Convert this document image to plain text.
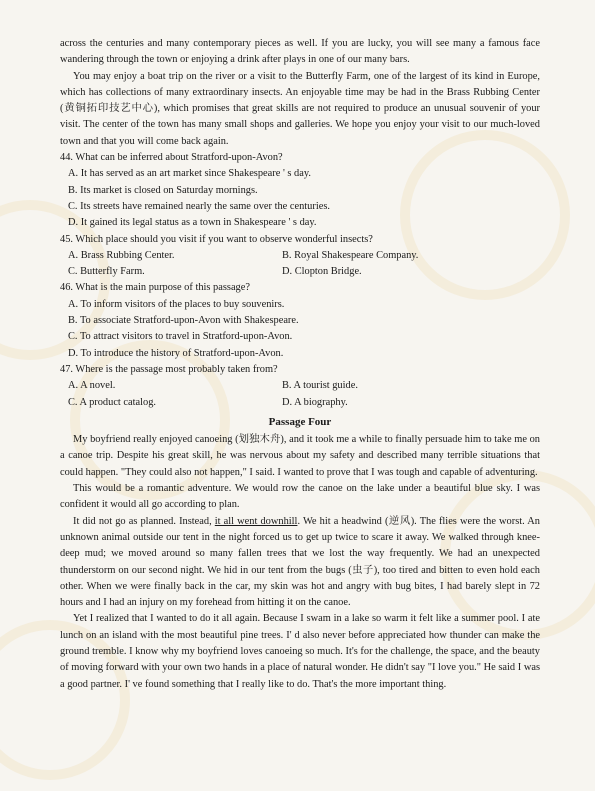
across the centuries and many contemporary pieces as well. If you are lucky, you will see many a famous face wandering through the town or enjoying a drink after plays in one of our many bars.

You may enjoy a boat trip on the river or a visit to the Butterfly Farm, one of the largest of its kind in Europe, which has collections of many extraordinary insects. An enjoyable time may be had in the Brass Rubbing Center (黄铜拓印技艺中心), which promises that great skills are not required to produce an unusual souvenir of your visit. The center of the town has many small shops and galleries. We hope you enjoy your visit to our much-loved town and that you will come back again.

44. What can be inferred about Stratford-upon-Avon?

A. It has served as an art market since Shakespeare ' s day.
B. Its market is closed on Saturday mornings.
C. Its streets have remained nearly the same over the centuries.
D. It gained its legal status as a town in Shakespeare ' s day.

45. Which place should you visit if you want to observe wonderful insects?

A. Brass Rubbing Center.	B. Royal Shakespeare Company.
C. Butterfly Farm.	D. Clopton Bridge.

46. What is the main purpose of this passage?

A. To inform visitors of the places to buy souvenirs.
B. To associate Stratford-upon-Avon with Shakespeare.
C. To attract visitors to travel in Stratford-upon-Avon.
D. To introduce the history of Stratford-upon-Avon.

47. Where is the passage most probably taken from?

A. A novel.	B. A tourist guide.
C. A product catalog.	D. A biography.
Passage Four

My boyfriend really enjoyed canoeing (划独木舟), and it took me a while to finally persuade him to take me on a canoe trip. Despite his great skill, he was nervous about my safety and described many terrible situations that could happen. "They could also not happen," I said. I wanted to prove that I was tough and capable of adventuring.

This would be a romantic adventure. We would row the canoe on the lake under a beautiful blue sky. I was confident it would all go according to plan.

It did not go as planned. Instead, it all went downhill. We hit a headwind (逆风). The flies were the worst. An unknown animal outside our tent in the night forced us to get up twice to scare it away. We walked through knee-deep mud; we moved around so many fallen trees that we lost the way frequently. We had an unexpected thunderstorm on our second night. We hid in our tent from the bugs (虫子), too tired and bitten to even hold each other. When we were finally back in the car, my skin was hot and angry with bug bites, I had barely slept in 72 hours and I had an injury on my forehead from hitting it on the canoe.

Yet I realized that I wanted to do it all again. Because I swam in a lake so warm it felt like a summer pool. I ate lunch on an island with the most beautiful pine trees. I' d also never before appreciated how thunder can make the ground tremble. I know why my boyfriend loves canoeing so much. It's for the challenge, the space, and the beauty of moving forward with your own two hands in a place of natural wonder. He didn't say "I love you." He said I was a good partner. I' ve found something that I really like to do. That's the more important thing.
